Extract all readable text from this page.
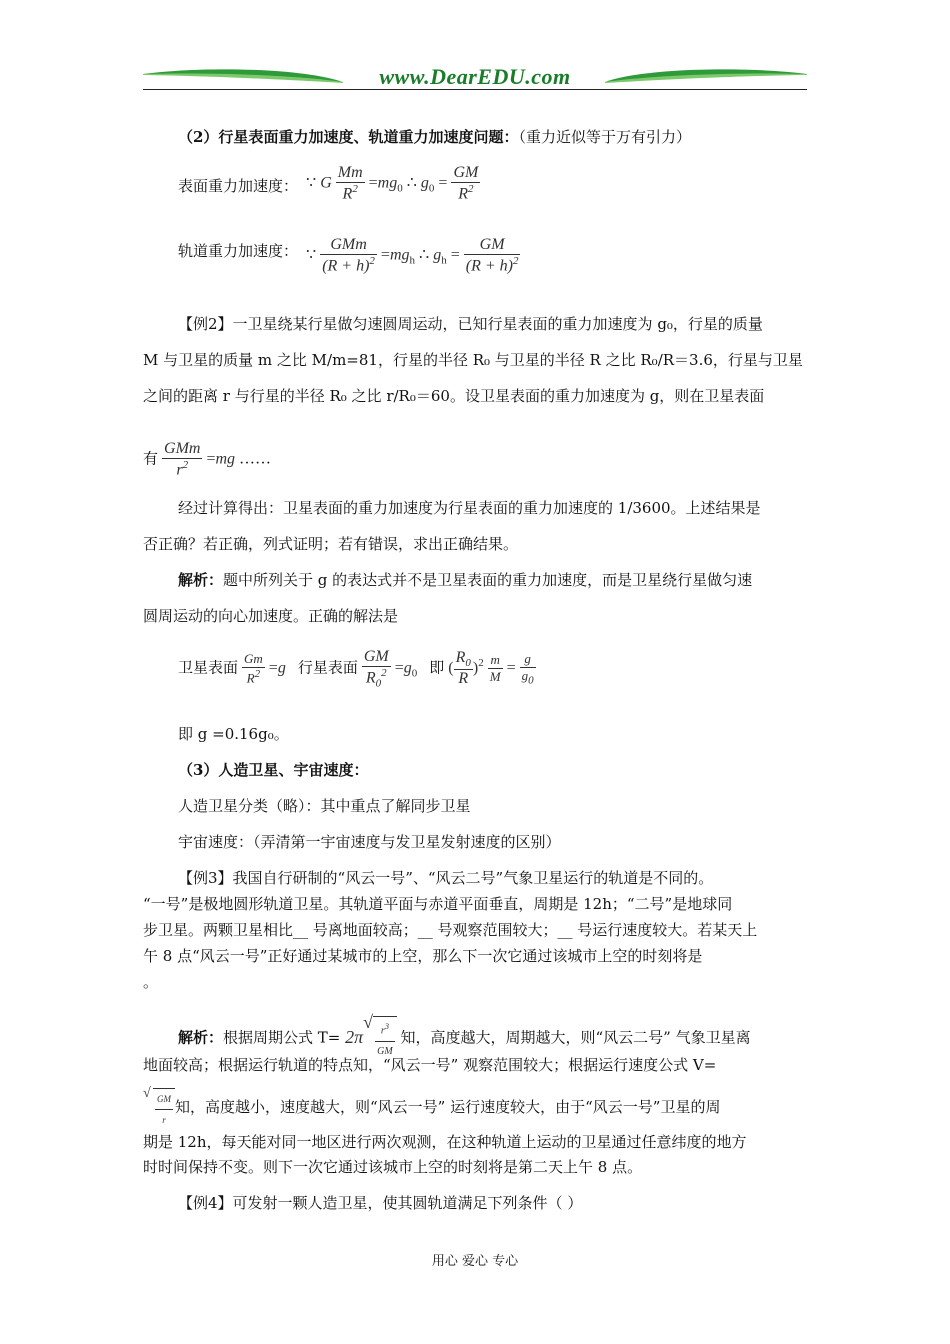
www.DearEDU.com
（2）行星表面重力加速度、轨道重力加速度问题：（重力近似等于万有引力）
表面重力加速度： ∵ G $\frac{Mm}{R^2} =mg_0$ ∴ $g_0 = \frac{GM}{R^2}$
轨道重力加速度： ∵ $\frac{\text{GMm}}{(R + h)^2} =mg_h$ ∴ $g_h = \frac{GM}{(R + h)^2}$
【例2】一卫星绕某行星做匀速圆周运动，已知行星表面的重力加速度为 g₀，行星的质量
M 与卫星的质量 m 之比 M/m=81，行星的半径 R₀ 与卫星的半径 R 之比 R₀/R＝3.6，行星与卫星
之间的距离 r 与行星的半径 R₀ 之比 r/R₀＝60。设卫星表面的重力加速度为 g，则在卫星表面
有 $\frac{\text{GMm}}{r^2} =mg$ ……
经过计算得出：卫星表面的重力加速度为行星表面的重力加速度的 1/3600。上述结果是
否正确？若正确，列式证明；若有错误，求出正确结果。
解析：题中所列关于 g 的表达式并不是卫星表面的重力加速度，而是卫星绕行星做匀速
圆周运动的向心加速度。正确的解法是
卫星表面 $\frac{Gm}{R^2} =g$ 行星表面 $\frac{GM}{R_0^2} =g_0$ 即 ( $\frac{R_0}{R} )^2 \frac{m}{M} = \frac{g}{g_0}$
即 g =0.16g₀。
（3）人造卫星、宇宙速度：
人造卫星分类（略）：其中重点了解同步卫星
宇宙速度：（弄清第一宇宙速度与发卫星发射速度的区别）
【例3】我国自行研制的“风云一号”、“风云二号”气象卫星运行的轨道是不同的。
“一号”是极地圆形轨道卫星。其轨道平面与赤道平面垂直，周期是 12h；“二号”是地球同
步卫星。两颗卫星相比__ 号离地面较高；__ 号观察范围较大；__ 号运行速度较大。若某天上
午 8 点“风云一号”正好通过某城市的上空，那么下一次它通过该城市上空的时刻将是
。
解析：根据周期公式 T= 2π
√ $\frac{r^3}{GM}$ 知，高度越大，周期越大，则“风云二号” 气象卫星离
地面较高；根据运行轨道的特点知，“风云一号” 观察范围较大；根据运行速度公式 V=
√ $\frac{GM}{r}$ 知，高度越小，速度越大，则“风云一号” 运行速度较大，由于“风云一号”卫星的周
期是 12h，每天能对同一地区进行两次观测，在这种轨道上运动的卫星通过任意纬度的地方
时时间保持不变。则下一次它通过该城市上空的时刻将是第二天上午 8 点。
【例4】可发射一颗人造卫星，使其圆轨道满足下列条件（ ）
用心 爱心 专心
